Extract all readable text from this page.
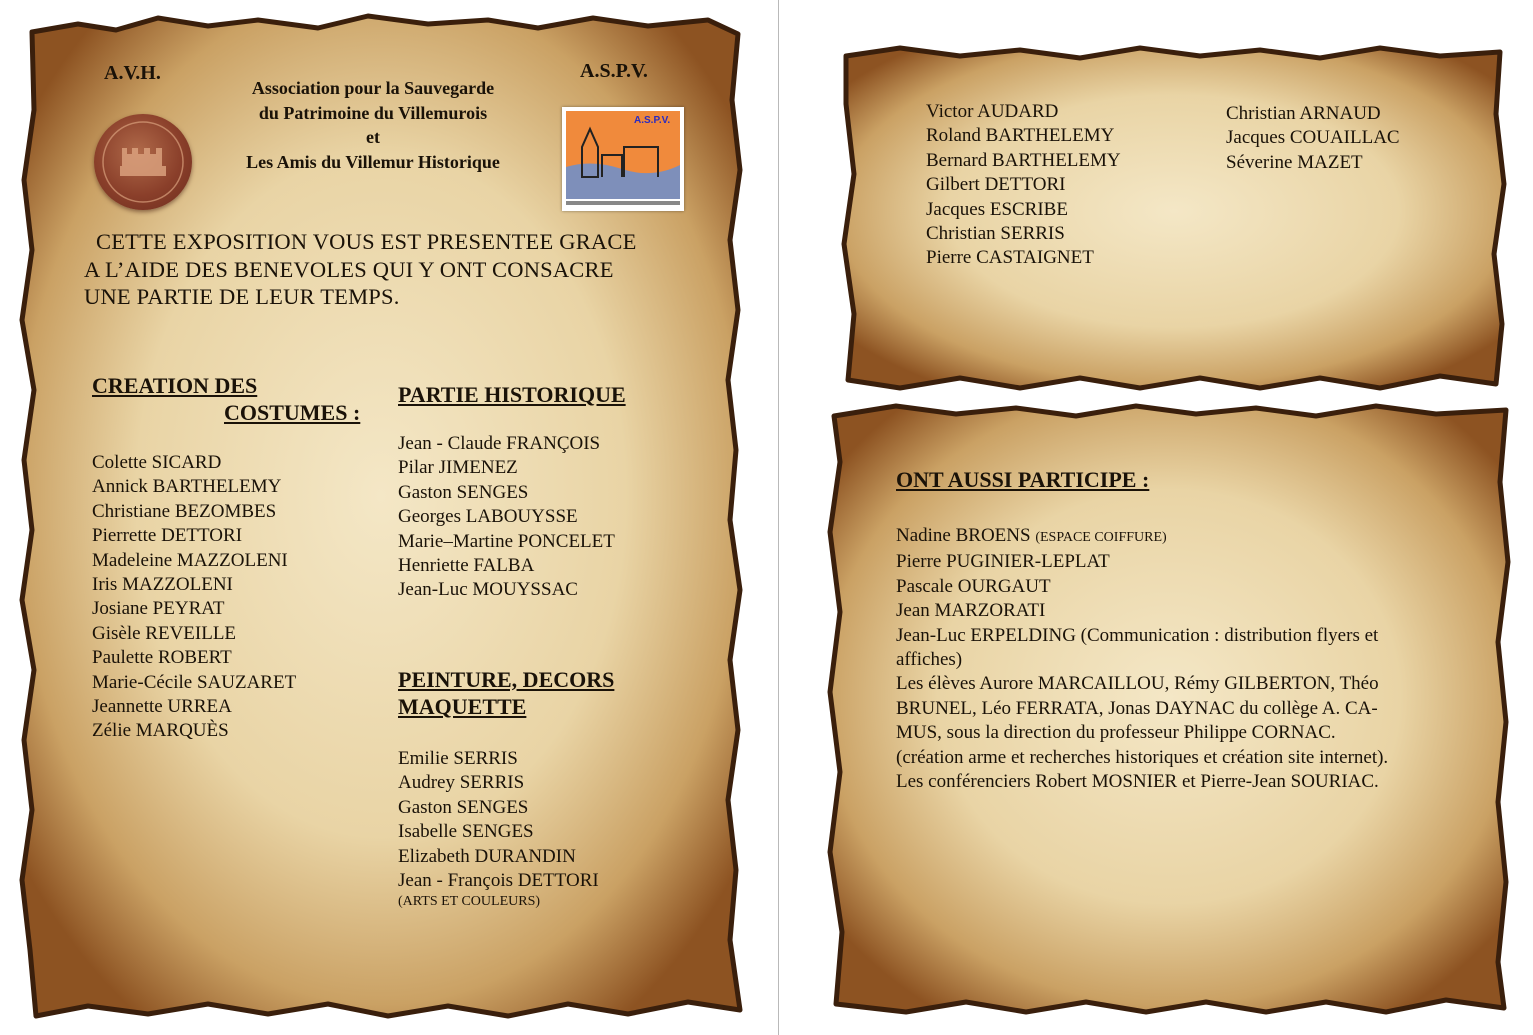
A.V.H.	A.S.P.V.
Association pour la Sauvegarde
du Patrimoine du Villemurois
et
Les Amis du Villemur Historique
A.S.P.V.
CETTE EXPOSITION VOUS EST PRESENTEE GRACE
A L’AIDE DES BENEVOLES QUI Y ONT CONSACRE
UNE PARTIE DE LEUR TEMPS.
CREATION DES
COSTUMES :
Colette SICARD
Annick BARTHELEMY
Christiane BEZOMBES
Pierrette DETTORI
Madeleine MAZZOLENI
Iris MAZZOLENI
Josiane PEYRAT
Gisèle REVEILLE
Paulette ROBERT
Marie-Cécile SAUZARET
Jeannette URREA
Zélie MARQUÈS
PARTIE HISTORIQUE
Jean - Claude FRANÇOIS
Pilar JIMENEZ
Gaston SENGES
Georges LABOUYSSE
Marie–Martine PONCELET
Henriette FALBA
Jean-Luc MOUYSSAC
PEINTURE, DECORS
MAQUETTE
Emilie SERRIS
Audrey SERRIS
Gaston SENGES
Isabelle SENGES
Elizabeth DURANDIN
Jean - François DETTORI
(ARTS ET COULEURS)
Victor AUDARD
Roland BARTHELEMY
Bernard BARTHELEMY
Gilbert DETTORI
Jacques ESCRIBE
Christian SERRIS
Pierre CASTAIGNET
Christian ARNAUD
Jacques COUAILLAC
Séverine MAZET
ONT AUSSI PARTICIPE :
Nadine BROENS (ESPACE COIFFURE)
Pierre PUGINIER-LEPLAT
Pascale OURGAUT
Jean MARZORATI
Jean-Luc ERPELDING (Communication : distribution flyers et
affiches)
Les élèves Aurore MARCAILLOU, Rémy GILBERTON, Théo
BRUNEL, Léo FERRATA, Jonas DAYNAC du collège A. CA-
MUS, sous la direction du professeur Philippe CORNAC.
(création arme et recherches historiques et création site internet).
Les conférenciers Robert MOSNIER et Pierre-Jean SOURIAC.
